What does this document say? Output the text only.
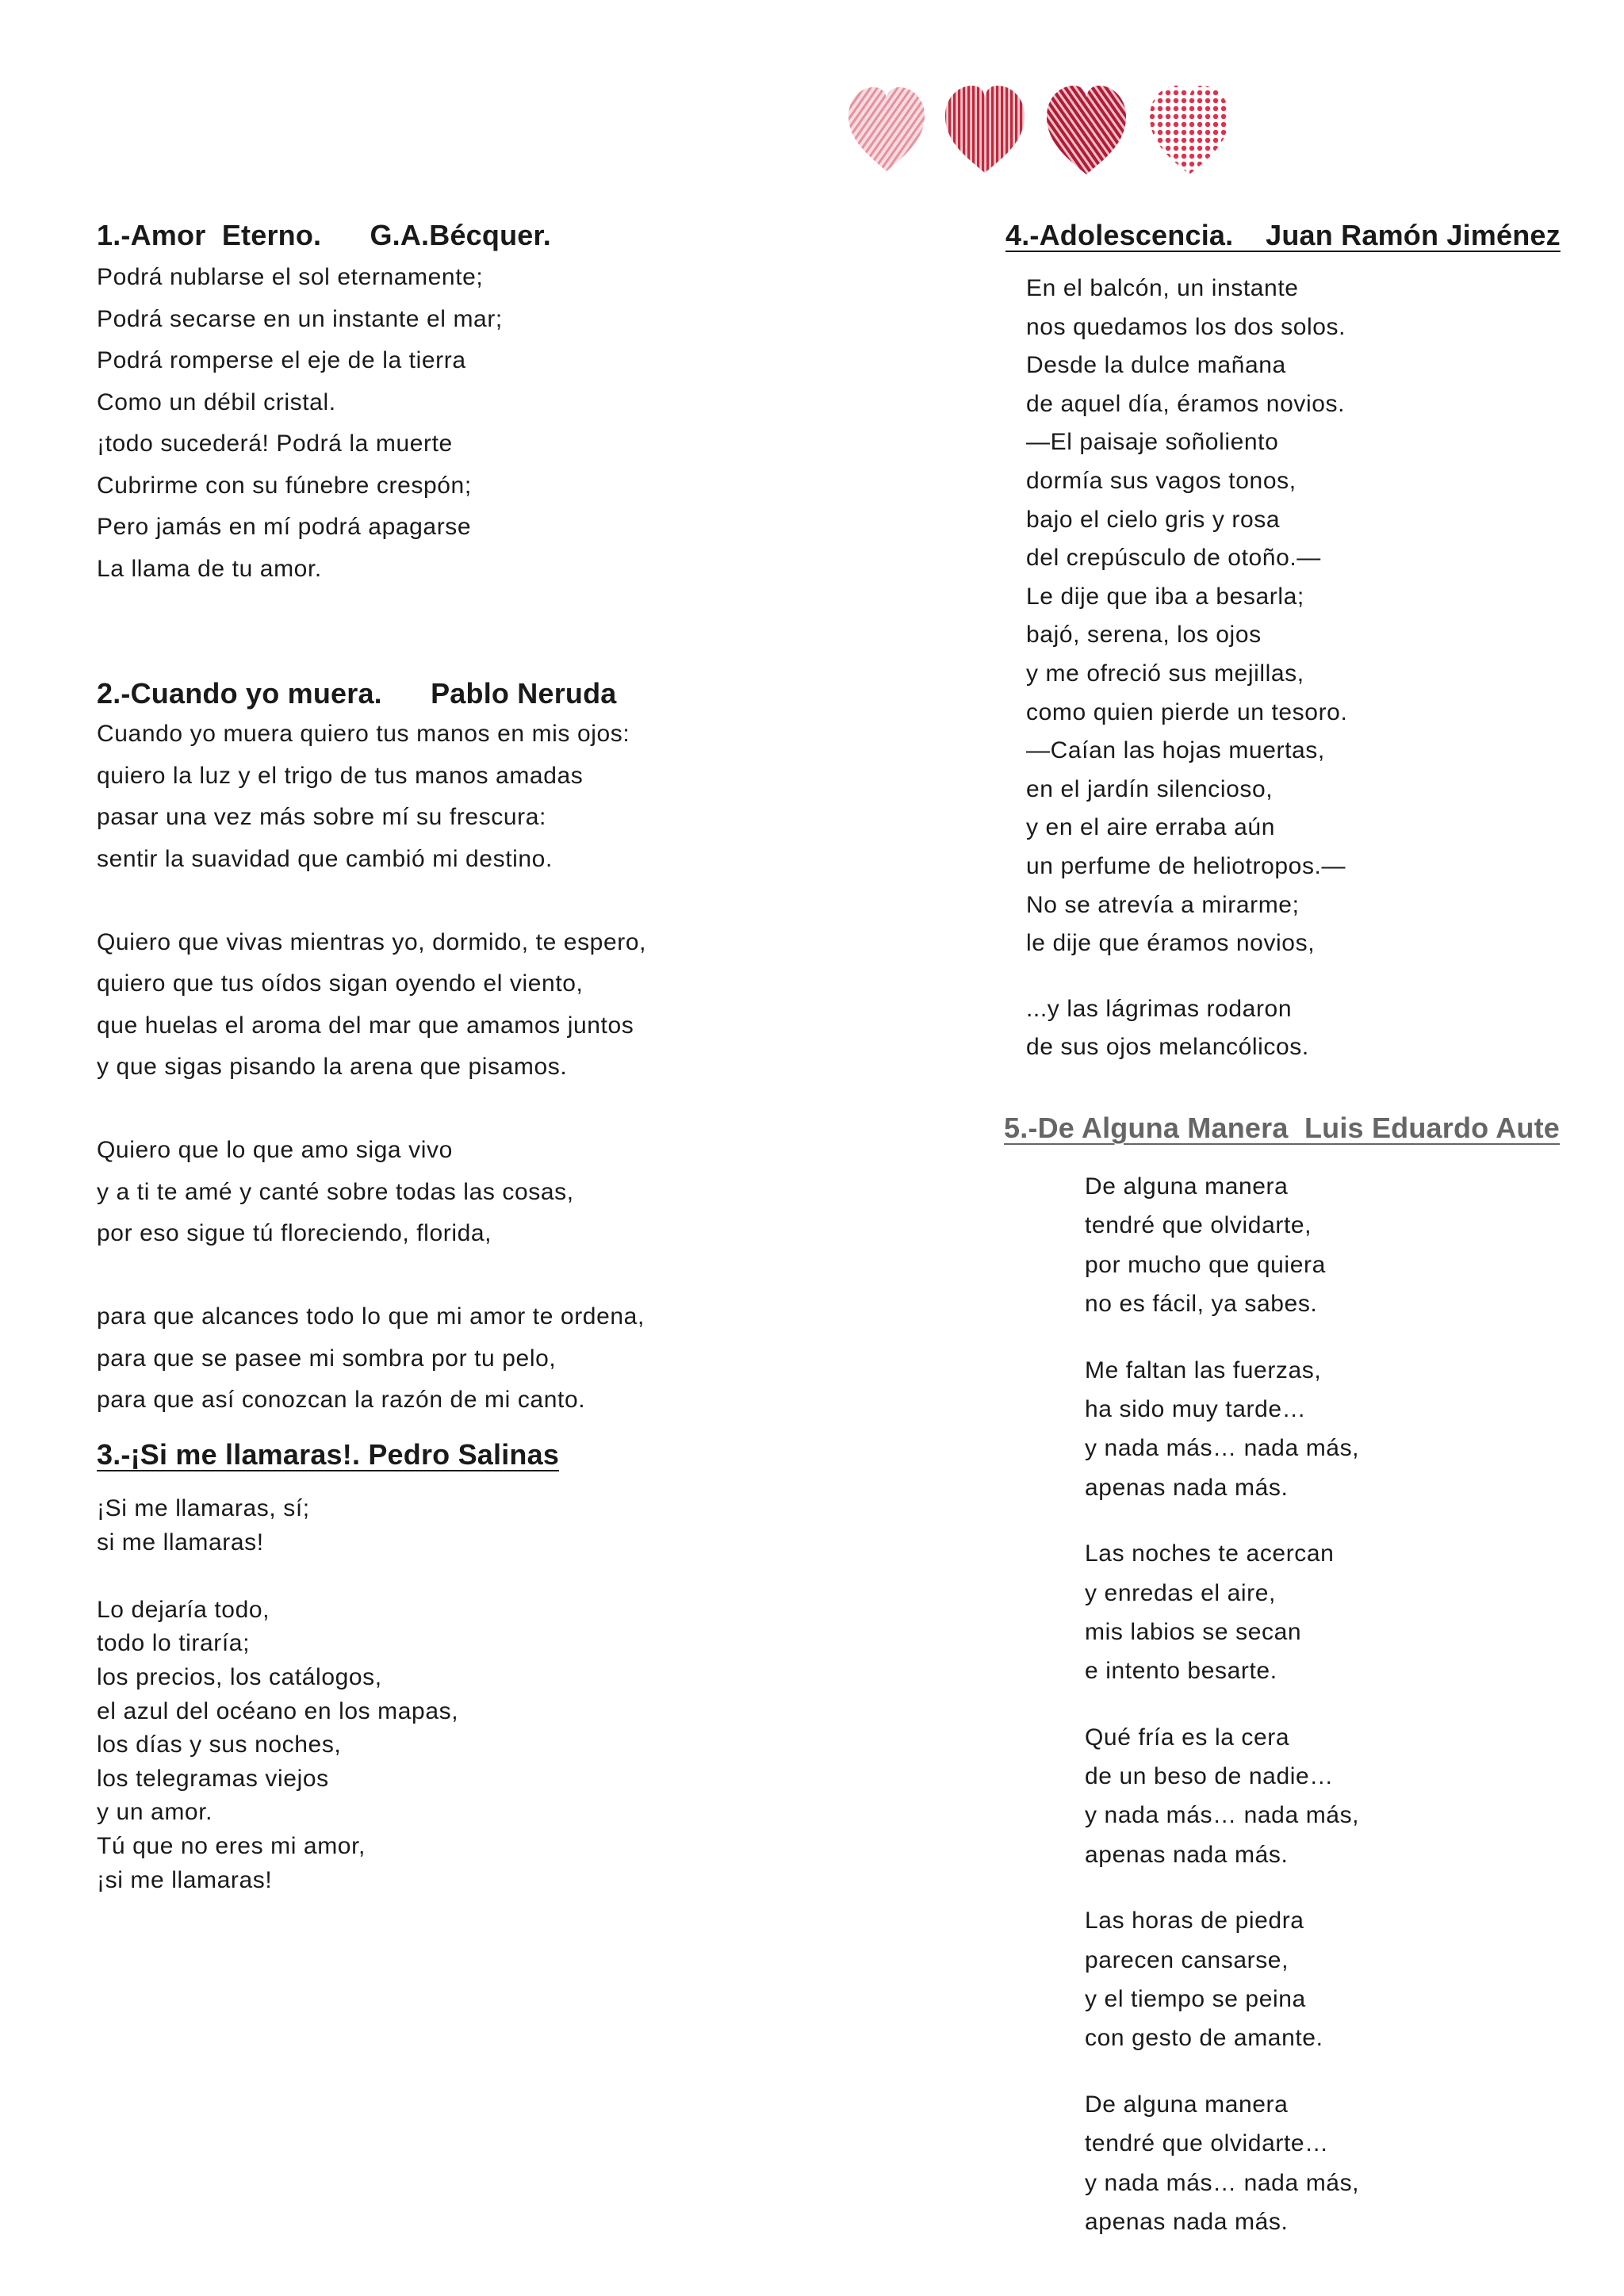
1.-Amor  Eterno.      G.A.Bécquer.
Podrá nublarse el sol eternamente;
Podrá secarse en un instante el mar;
Podrá romperse el eje de la tierra
Como un débil cristal.
¡todo sucederá! Podrá la muerte
Cubrirme con su fúnebre crespón;
Pero jamás en mí podrá apagarse
La llama de tu amor.
2.-Cuando yo muera.      Pablo Neruda
Cuando yo muera quiero tus manos en mis ojos:
quiero la luz y el trigo de tus manos amadas
pasar una vez más sobre mí su frescura:
sentir la suavidad que cambió mi destino.
Quiero que vivas mientras yo, dormido, te espero,
quiero que tus oídos sigan oyendo el viento,
que huelas el aroma del mar que amamos juntos
y que sigas pisando la arena que pisamos.
Quiero que lo que amo siga vivo
y a ti te amé y canté sobre todas las cosas,
por eso sigue tú floreciendo, florida,
para que alcances todo lo que mi amor te ordena,
para que se pasee mi sombra por tu pelo,
para que así conozcan la razón de mi canto.
3.-¡Si me llamaras!. Pedro Salinas
¡Si me llamaras, sí;
si me llamaras!
Lo dejaría todo,
todo lo tiraría;
los precios, los catálogos,
el azul del océano en los mapas,
los días y sus noches,
los telegramas viejos
y un amor.
Tú que no eres mi amor,
¡si me llamaras!
4.-Adolescencia.    Juan Ramón Jiménez
En el balcón, un instante
nos quedamos los dos solos.
Desde la dulce mañana
de aquel día, éramos novios.
—El paisaje soñoliento
dormía sus vagos tonos,
bajo el cielo gris y rosa
del crepúsculo de otoño.—
Le dije que iba a besarla;
bajó, serena, los ojos
y me ofreció sus mejillas,
como quien pierde un tesoro.
—Caían las hojas muertas,
en el jardín silencioso,
y en el aire erraba aún
un perfume de heliotropos.—
No se atrevía a mirarme;
le dije que éramos novios,
...y las lágrimas rodaron
de sus ojos melancólicos.
5.-De Alguna Manera  Luis Eduardo Aute
De alguna manera
tendré que olvidarte,
por mucho que quiera
no es fácil, ya sabes.
Me faltan las fuerzas,
ha sido muy tarde…
y nada más… nada más,
apenas nada más.
Las noches te acercan
y enredas el aire,
mis labios se secan
e intento besarte.
Qué fría es la cera
de un beso de nadie…
y nada más… nada más,
apenas nada más.
Las horas de piedra
parecen cansarse,
y el tiempo se peina
con gesto de amante.
De alguna manera
tendré que olvidarte…
y nada más… nada más,
apenas nada más.
